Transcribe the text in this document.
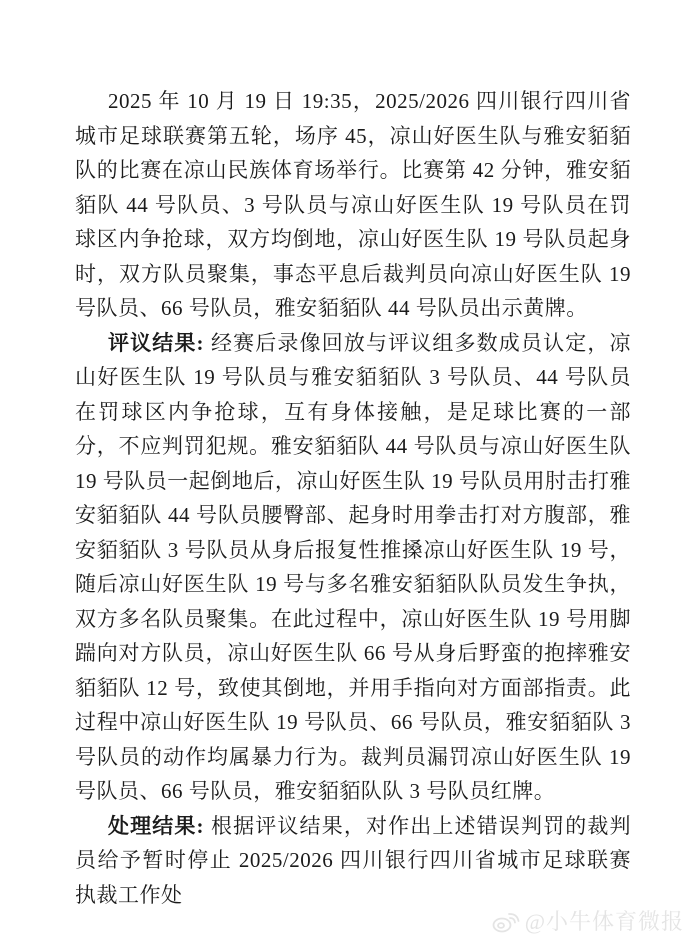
2025 年 10 月 19 日 19:35，2025/2026 四川银行四川省城市足球联赛第五轮，场序 45，凉山好医生队与雅安貊貊队的比赛在凉山民族体育场举行。比赛第 42 分钟，雅安貊貊队 44 号队员、3 号队员与凉山好医生队 19 号队员在罚球区内争抢球，双方均倒地，凉山好医生队 19 号队员起身时，双方队员聚集，事态平息后裁判员向凉山好医生队 19 号队员、66 号队员，雅安貊貊队 44 号队员出示黄牌。

评议结果: 经赛后录像回放与评议组多数成员认定，凉山好医生队 19 号队员与雅安貊貊队 3 号队员、44 号队员在罚球区内争抢球，互有身体接触，是足球比赛的一部分，不应判罚犯规。雅安貊貊队 44 号队员与凉山好医生队 19 号队员一起倒地后，凉山好医生队 19 号队员用肘击打雅安貊貊队 44 号队员腰臀部、起身时用拳击打对方腹部，雅安貊貊队 3 号队员从身后报复性推搡凉山好医生队 19 号，随后凉山好医生队 19 号与多名雅安貊貊队队员发生争执，双方多名队员聚集。在此过程中，凉山好医生队 19 号用脚踹向对方队员，凉山好医生队 66 号从身后野蛮的抱摔雅安貊貊队 12 号，致使其倒地，并用手指向对方面部指责。此过程中凉山好医生队 19 号队员、66 号队员，雅安貊貊队 3 号队员的动作均属暴力行为。裁判员漏罚凉山好医生队 19 号队员、66 号队员，雅安貊貊队队 3 号队员红牌。

处理结果: 根据评议结果，对作出上述错误判罚的裁判员给予暂时停止 2025/2026 四川银行四川省城市足球联赛执裁工作处

@小牛体育微报
